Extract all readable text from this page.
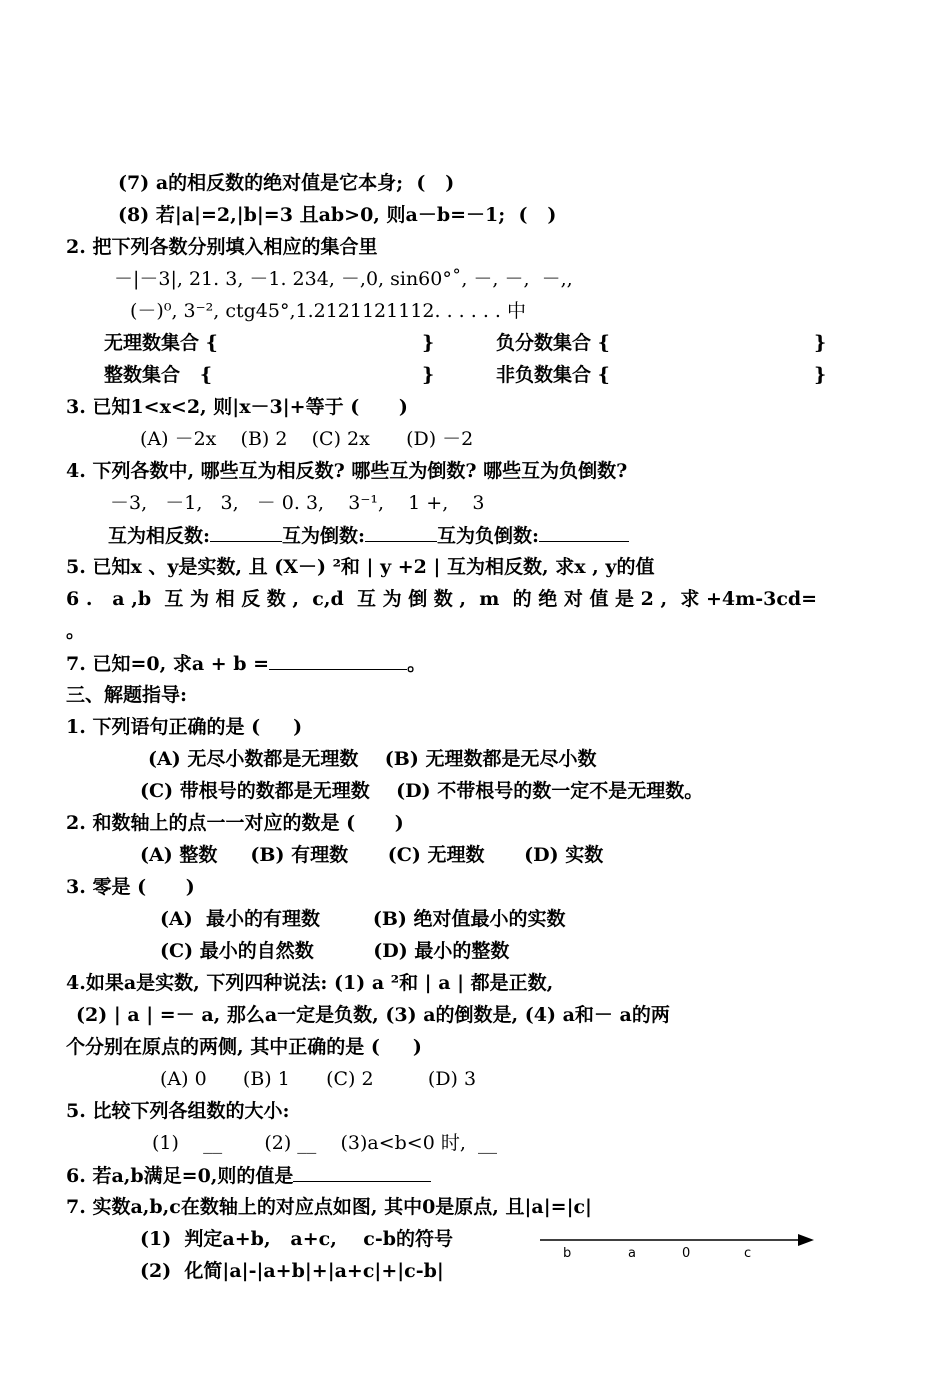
(7) a的相反数的绝对值是它本身;  (   )
(8) 若|a|=2,|b|=3 且ab>0, 则a－b=－1;  (   )
2. 把下列各数分别填入相应的集合里
－|－3|, 21. 3, －1. 234, －,0, sin60°˚, －, －,  －,,
(－)⁰, 3⁻², ctg45°,1.2121121112. . . . . . 中
无理数集合 {	}	负分数集合 {	}
整数集合   {	}	非负数集合 {	}
3. 已知1<x<2, 则|x－3|+等于 (      )
(A) －2x    (B) 2    (C) 2x      (D) －2
4. 下列各数中, 哪些互为相反数? 哪些互为倒数? 哪些互为负倒数?
－3,   －1,   3,   － 0. 3,    3⁻¹,    1 +,    3
互为相反数:	互为倒数:	互为负倒数:
5. 已知x 、y是实数, 且 (X－) ²和 | y +2 | 互为相反数, 求x , y的值
6 .   a ,b  互 为 相 反 数 ,  c,d  互 为 倒 数 ,  m  的 绝 对 值 是 2 ,  求 +4m-3cd=
。
7. 已知=0, 求a + b =	。
三、解题指导:
1. 下列语句正确的是 (     )
(A) 无尽小数都是无理数    (B) 无理数都是无尽小数
(C) 带根号的数都是无理数    (D) 不带根号的数一定不是无理数。
2. 和数轴上的点一一对应的数是 (      )
(A) 整数     (B) 有理数      (C) 无理数      (D) 实数
3. 零是 (      )
(A)  最小的有理数        (B) 绝对值最小的实数
(C) 最小的自然数         (D) 最小的整数
4.如果a是实数, 下列四种说法: (1) a ²和 | a | 都是正数,
(2) | a | =－ a, 那么a一定是负数, (3) a的倒数是, (4) a和－ a的两
个分别在原点的两侧, 其中正确的是 (     )
(A) 0      (B) 1      (C) 2         (D) 3
5. 比较下列各组数的大小:
(1)    __       (2) __    (3)a<b<0 时,  __
6. 若a,b满足=0,则的值是
7. 实数a,b,c在数轴上的对应点如图, 其中0是原点, 且|a|=|c|
(1)  判定a+b,   a+c,    c-b的符号
(2)  化简|a|-|a+b|+|a+c|+|c-b|
b	a	0	c
